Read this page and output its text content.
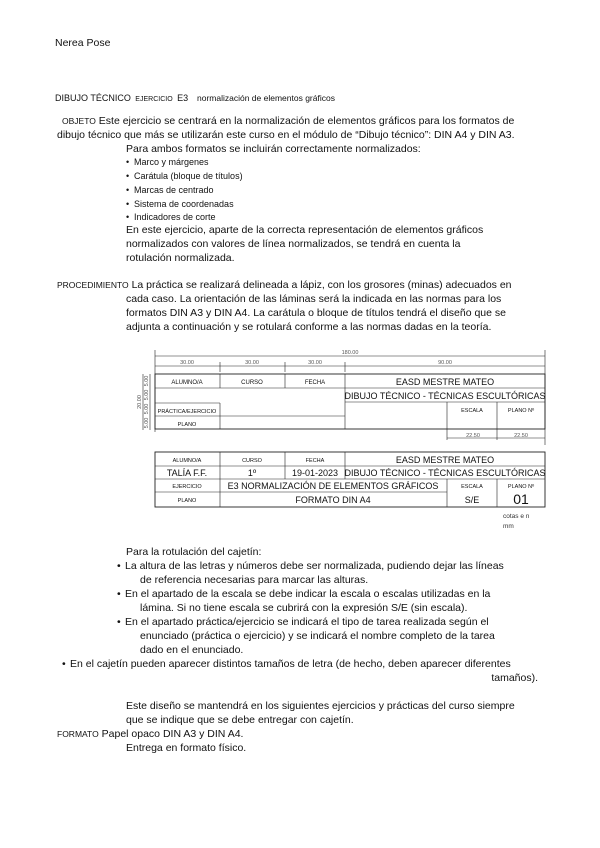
Nerea Pose
DIBUJO TÉCNICO EJERCICIO E3 normalización de elementos gráficos
OBJETO Este ejercicio se centrará en la normalización de elementos gráficos para los formatos de
dibujo técnico que más se utilizarán este curso en el módulo de “Dibujo técnico”: DIN A4 y DIN A3.
Para ambos formatos se incluirán correctamente normalizados:
• Marco y márgenes
• Carátula (bloque de títulos)
• Marcas de centrado
• Sistema de coordenadas
• Indicadores de corte
En este ejercicio, aparte de la correcta representación de elementos gráficos
normalizados con valores de línea normalizados, se tendrá en cuenta la
rotulación normalizada.
PROCEDIMIENTO La práctica se realizará delineada a lápiz, con los grosores (minas) adecuados en
cada caso. La orientación de las láminas será la indicada en las normas para los
formatos DIN A3 y DIN A4. La carátula o bloque de títulos tendrá el diseño que se
adjunta a continuación y se rotulará conforme a las normas dadas en la teoría.
180.00
30.00	30.00	30.00	90.00
22.50	22.50
20.00
5.00
5.00
5.00
5.00
ALUMNO/A	CURSO	FECHA	EASD MESTRE MATEO
DIBUJO TÉCNICO - TÉCNICAS ESCULTÓRICAS
PRÁCTICA/EJERCICIO	ESCALA	PLANO Nº
PLANO
ALUMNO/A	CURSO	FECHA	EASD MESTRE MATEO
TALÍA F.F.	1º	19-01-2023 DIBUJO TÉCNICO - TÉCNICAS ESCULTÓRICAS
EJERCICIO	E3 NORMALIZACIÓN DE ELEMENTOS GRÁFICOS	ESCALA	PLANO Nº
PLANO	FORMATO DIN A4	S/E 01
cotas e n
mm
Para la rotulación del cajetín:
• La altura de las letras y números debe ser normalizada, pudiendo dejar las líneas
de referencia necesarias para marcar las alturas.
• En el apartado de la escala se debe indicar la escala o escalas utilizadas en la
lámina. Si no tiene escala se cubrirá con la expresión S/E (sin escala).
• En el apartado práctica/ejercicio se indicará el tipo de tarea realizada según el
enunciado (práctica o ejercicio) y se indicará el nombre completo de la tarea
dado en el enunciado.
• En el cajetín pueden aparecer distintos tamaños de letra (de hecho, deben aparecer diferentes
tamaños).
Este diseño se mantendrá en los siguientes ejercicios y prácticas del curso siempre
que se indique que se debe entregar con cajetín.
FORMATO Papel opaco DIN A3 y DIN A4.
Entrega en formato físico.
